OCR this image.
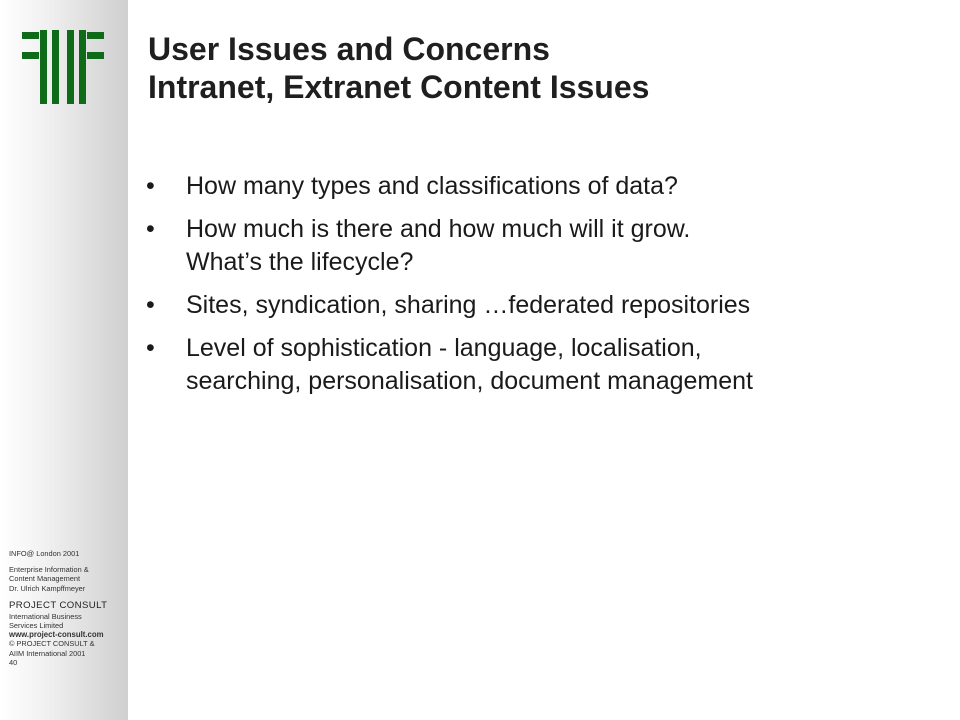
INFO@ London 2001
Enterprise Information &
Content Management
Dr. Ulrich Kampffmeyer
PROJECT CONSULT
International Business
Services Limited
www.project-consult.com
© PROJECT CONSULT &
AIIM International 2001
40
User Issues and Concerns
Intranet, Extranet Content Issues
•	How many types and classifications of data?
•	How much is there and how much will it grow.
What’s the lifecycle?
•	Sites, syndication, sharing …federated repositories
•	Level of sophistication - language, localisation,
searching, personalisation, document management
